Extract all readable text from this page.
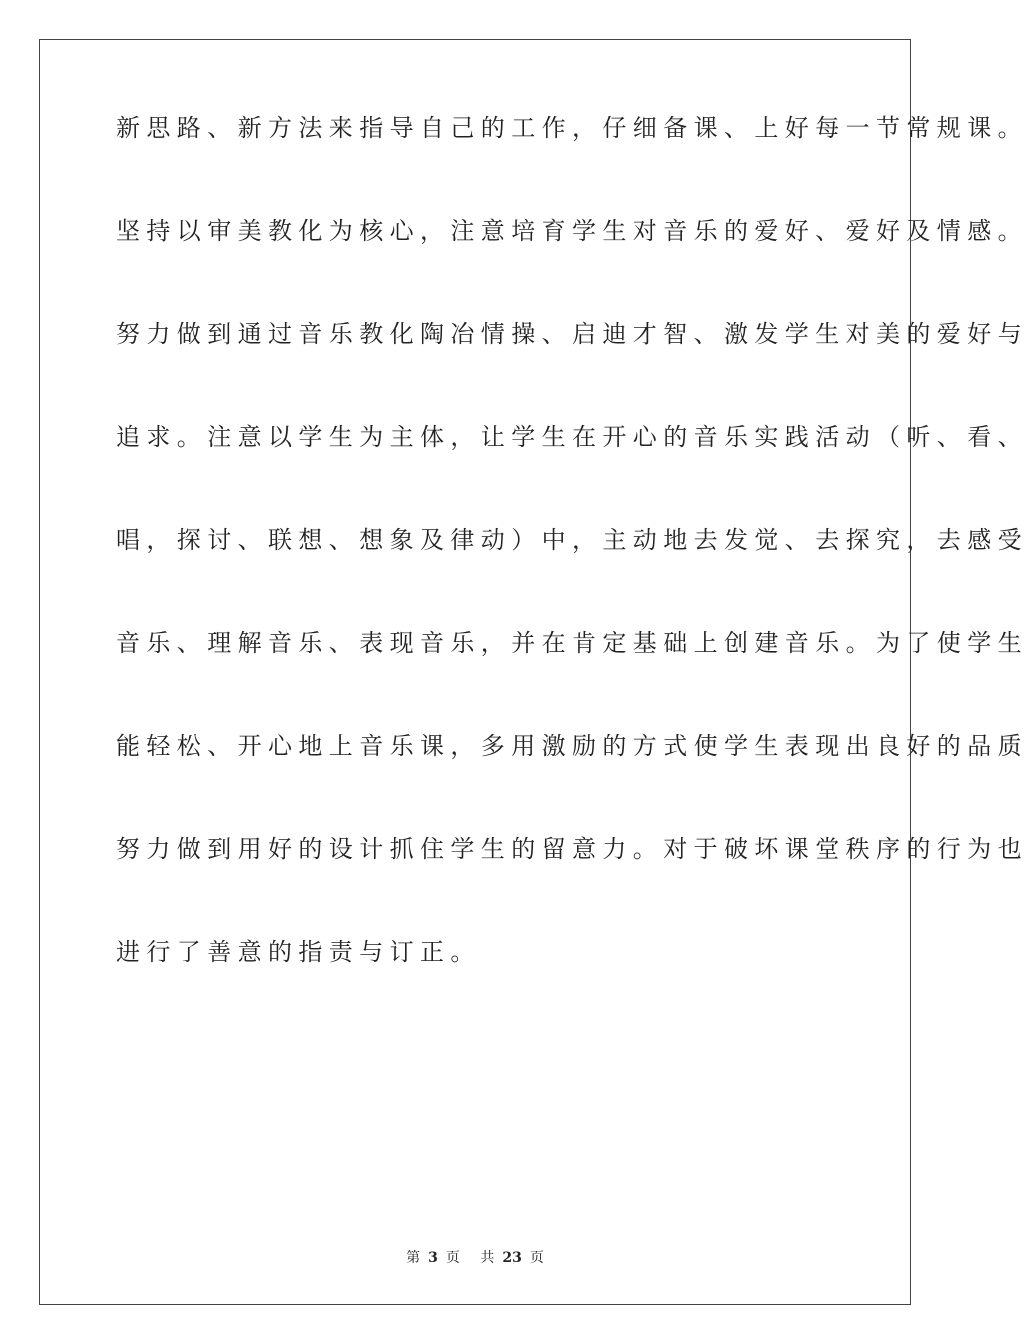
新思路、新方法来指导自己的工作，仔细备课、上好每一节常规课。
坚持以审美教化为核心，注意培育学生对音乐的爱好、爱好及情感。
努力做到通过音乐教化陶冶情操、启迪才智、激发学生对美的爱好与
追求。注意以学生为主体，让学生在开心的音乐实践活动（听、看、
唱，探讨、联想、想象及律动）中，主动地去发觉、去探究，去感受
音乐、理解音乐、表现音乐，并在肯定基础上创建音乐。为了使学生
能轻松、开心地上音乐课，多用激励的方式使学生表现出良好的品质
努力做到用好的设计抓住学生的留意力。对于破坏课堂秩序的行为也
进行了善意的指责与订正。
第 3 页 共 23 页
